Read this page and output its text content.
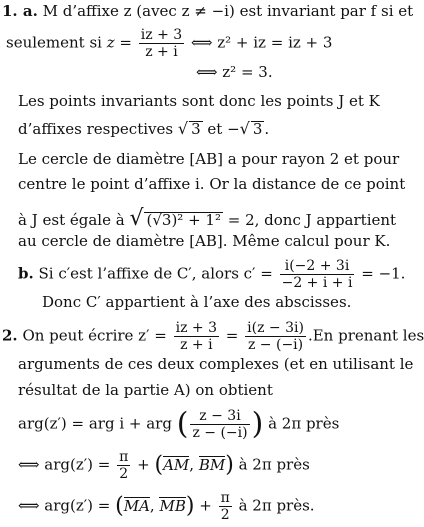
1. a. M d’affixe z (avec z ≠ −i) est invariant par f si et
seulement si $z = \frac{iz + 3}{z + i}$ ⟺ z² + iz = iz + 3
⟺ z² = 3.
Les points invariants sont donc les points J et K
d’affixes respectives √ 3 et −√ 3 .
Le cercle de diamètre [AB] a pour rayon 2 et pour
centre le point d’affixe i. Or la distance de ce point
à J est égale à √ (√3)² + 1² = 2, donc J appartient
au cercle de diamètre [AB]. Même calcul pour K.
b. Si c′est l’affixe de C′, alors $c' = \frac{i(-2 + 3i}{-2 + i + i} = -1$.
Donc C′ appartient à l’axe des abscisses.
2. On peut écrire $z' = \frac{iz + 3}{z + i} = \frac{i(z - 3i)}{z - (-i)} .En$ prenant les
arguments de ces deux complexes (et en utilisant le
résultat de la partie A) on obtient
arg(z′) = arg i + arg ( $\frac{z - 3i}{z - (-i)}$ ) à 2π près
⟺ $arg(z') = \frac{\pi}{2} + (AM$, BM) à 2π près
⟺ arg(z′) = (MA, $MB) + \frac{\pi}{2}$ à 2π près.
